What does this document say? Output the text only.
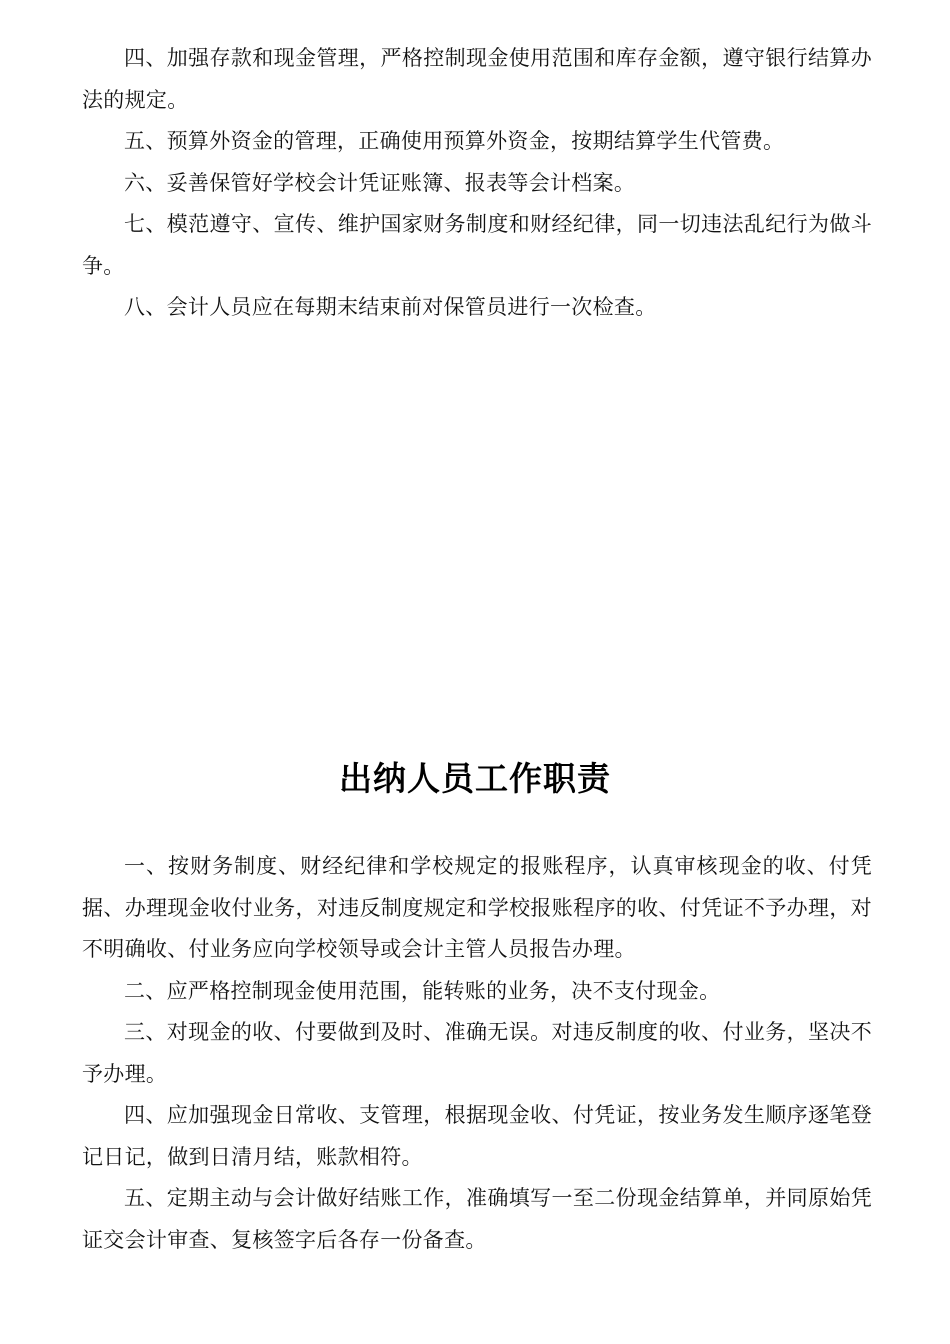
四、加强存款和现金管理，严格控制现金使用范围和库存金额，遵守银行结算办法的规定。

五、预算外资金的管理，正确使用预算外资金，按期结算学生代管费。

六、妥善保管好学校会计凭证账簿、报表等会计档案。

七、模范遵守、宣传、维护国家财务制度和财经纪律，同一切违法乱纪行为做斗争。

八、会计人员应在每期末结束前对保管员进行一次检查。

出纳人员工作职责

一、按财务制度、财经纪律和学校规定的报账程序，认真审核现金的收、付凭据、办理现金收付业务，对违反制度规定和学校报账程序的收、付凭证不予办理，对不明确收、付业务应向学校领导或会计主管人员报告办理。

二、应严格控制现金使用范围，能转账的业务，决不支付现金。

三、对现金的收、付要做到及时、准确无误。对违反制度的收、付业务，坚决不予办理。

四、应加强现金日常收、支管理，根据现金收、付凭证，按业务发生顺序逐笔登记日记，做到日清月结，账款相符。

五、定期主动与会计做好结账工作，准确填写一至二份现金结算单，并同原始凭证交会计审查、复核签字后各存一份备查。
